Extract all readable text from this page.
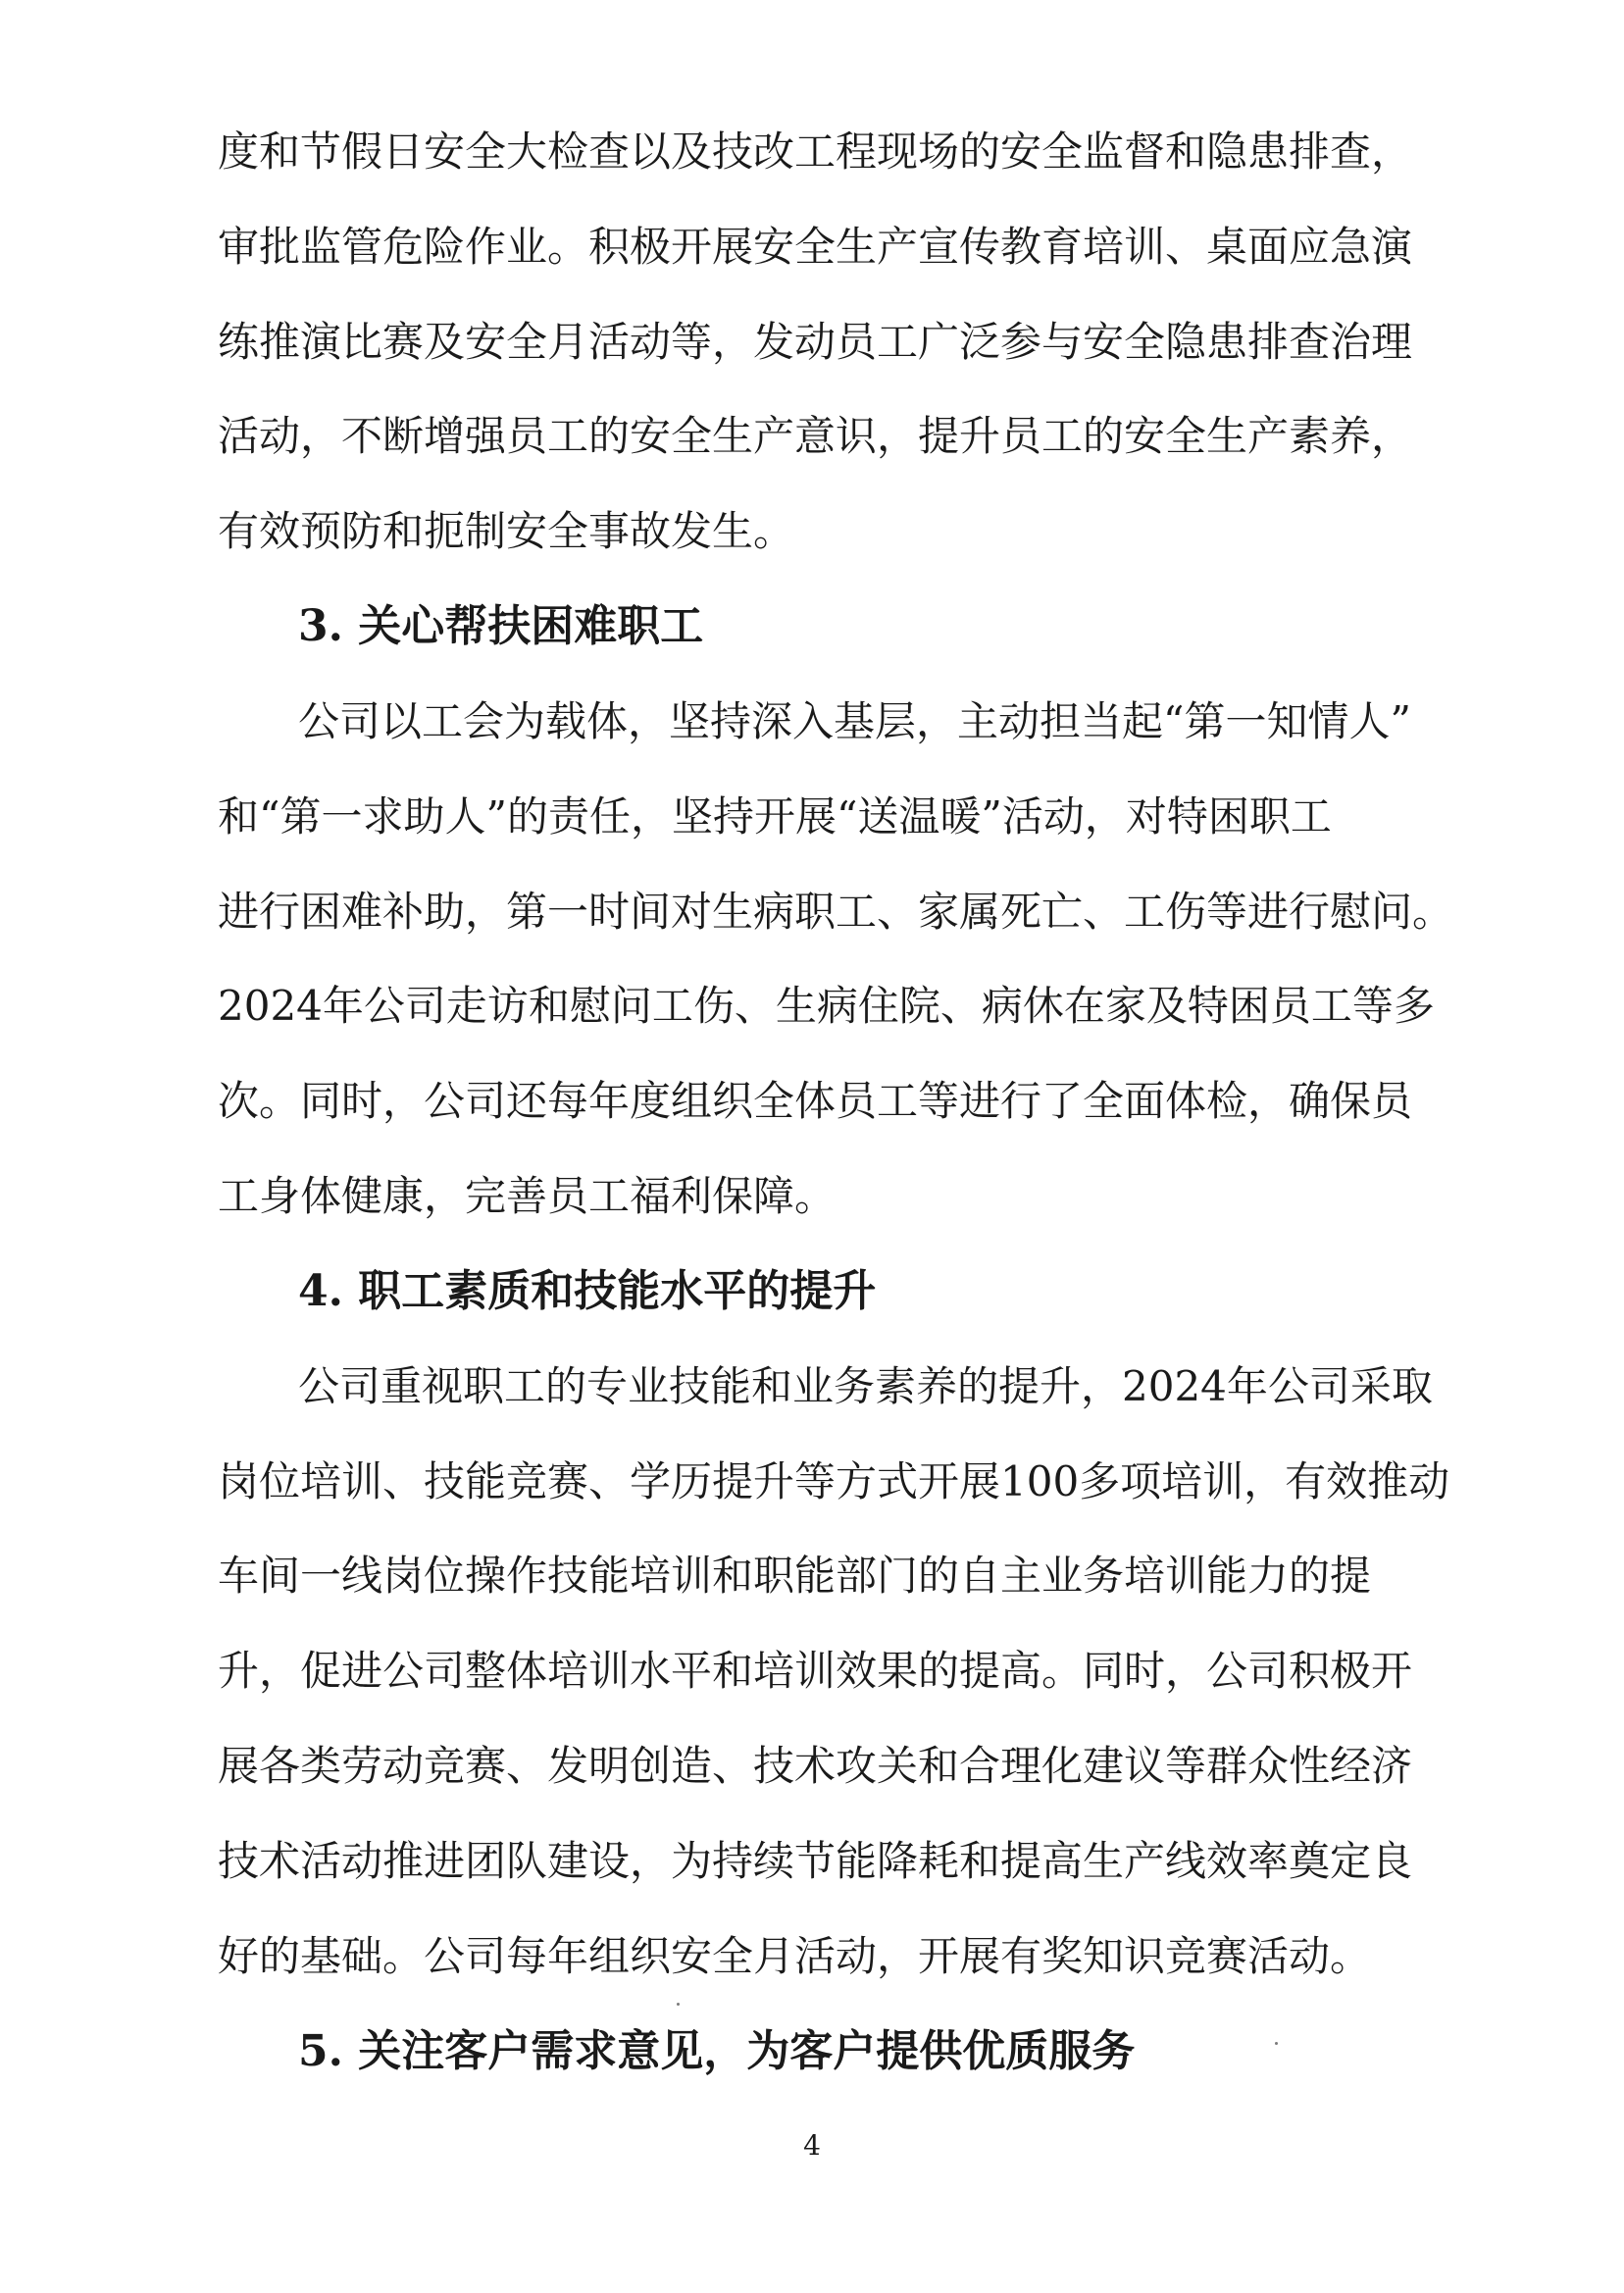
度和节假日安全大检查以及技改工程现场的安全监督和隐患排查，

审批监管危险作业。积极开展安全生产宣传教育培训、桌面应急演

练推演比赛及安全月活动等，发动员工广泛参与安全隐患排查治理

活动，不断增强员工的安全生产意识，提升员工的安全生产素养，

有效预防和扼制安全事故发生。

3. 关心帮扶困难职工

公司以工会为载体，坚持深入基层，主动担当起“第一知情人”

和“第一求助人”的责任，坚持开展“送温暖”活动，对特困职工

进行困难补助，第一时间对生病职工、家属死亡、工伤等进行慰问。

2024年公司走访和慰问工伤、生病住院、病休在家及特困员工等多

次。同时，公司还每年度组织全体员工等进行了全面体检，确保员

工身体健康，完善员工福利保障。

4. 职工素质和技能水平的提升

公司重视职工的专业技能和业务素养的提升，2024年公司采取

岗位培训、技能竞赛、学历提升等方式开展100多项培训，有效推动

车间一线岗位操作技能培训和职能部门的自主业务培训能力的提

升，促进公司整体培训水平和培训效果的提高。同时，公司积极开

展各类劳动竞赛、发明创造、技术攻关和合理化建议等群众性经济

技术活动推进团队建设，为持续节能降耗和提高生产线效率奠定良

好的基础。公司每年组织安全月活动，开展有奖知识竞赛活动。

5. 关注客户需求意见，为客户提供优质服务

4
